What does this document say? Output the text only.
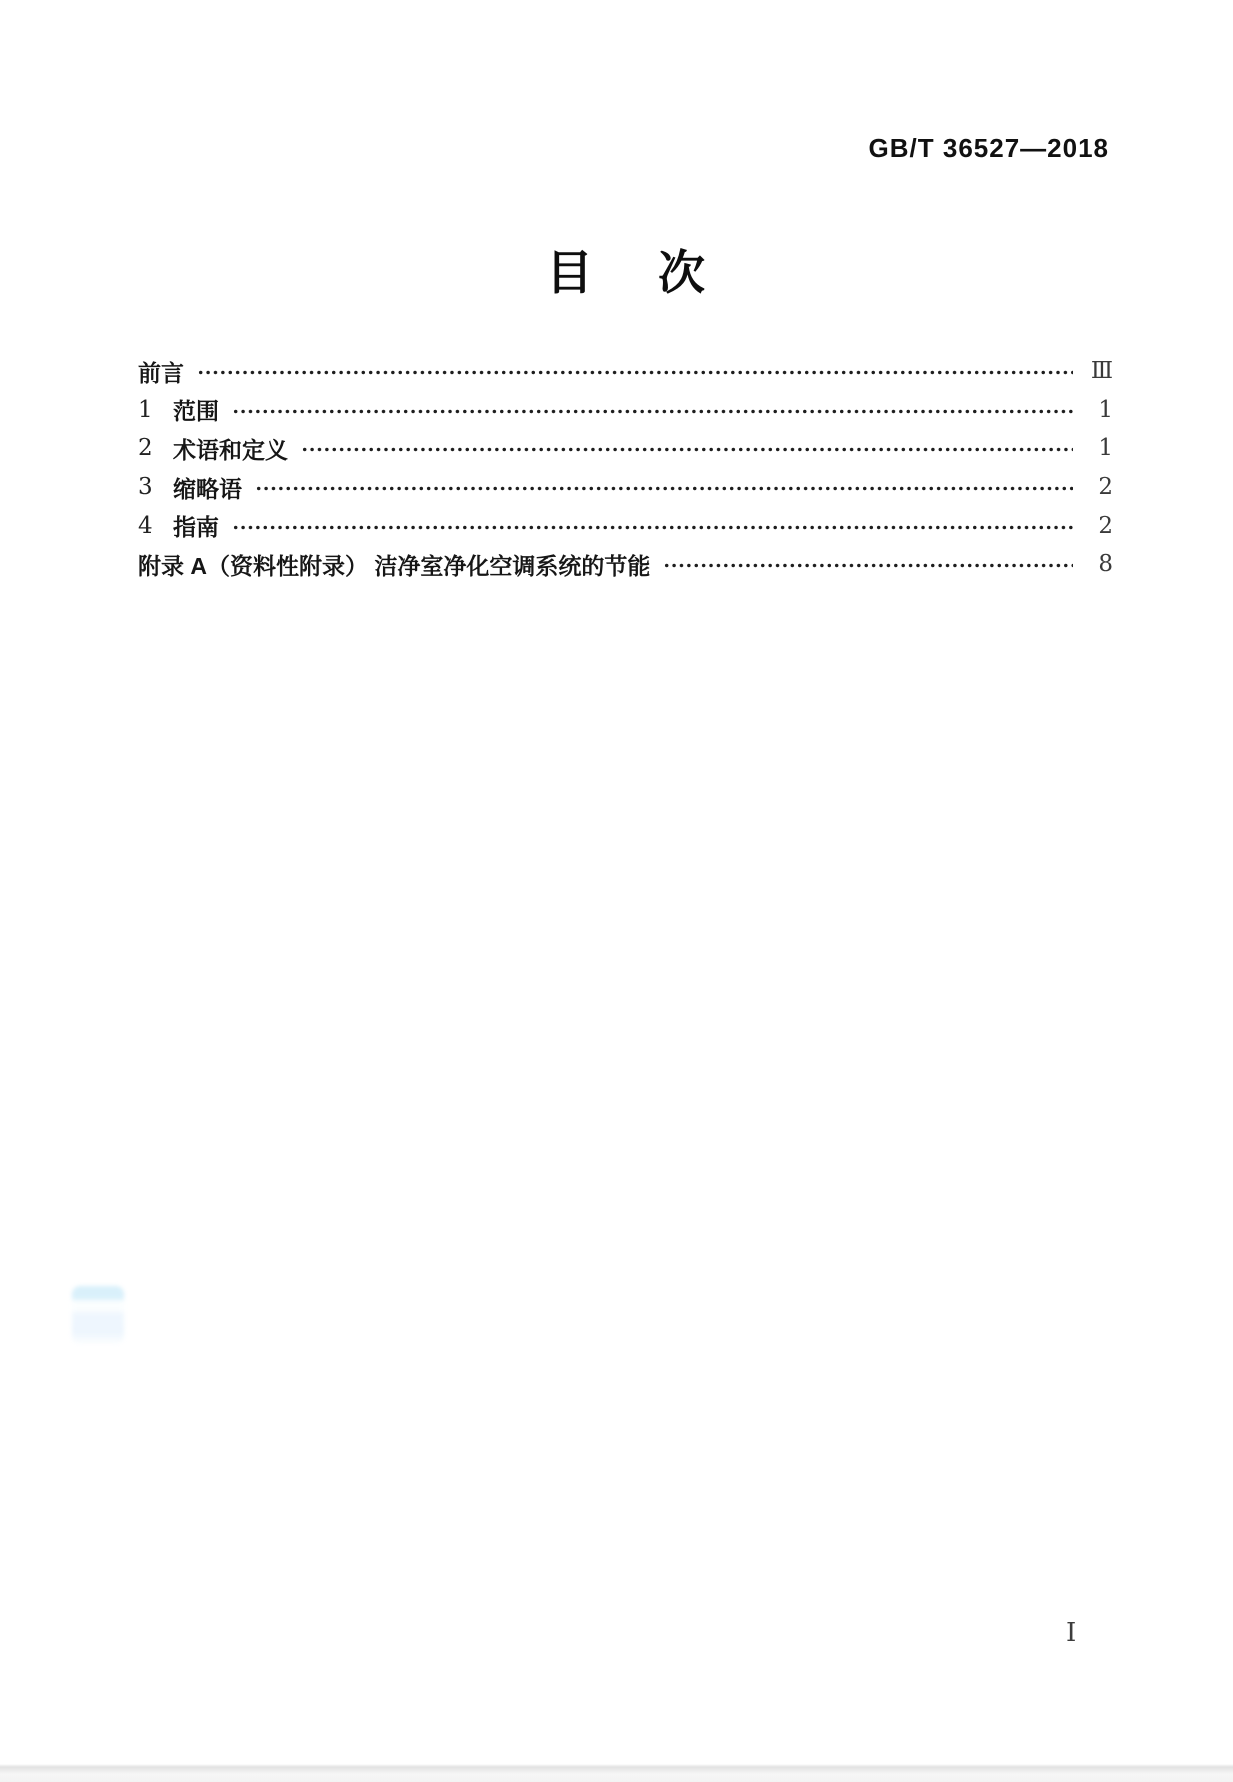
GB/T 36527—2018
目 次
前言	Ⅲ
1 范围	1
2 术语和定义	1
3 缩略语	2
4 指南	2
附录 A（资料性附录） 洁净室净化空调系统的节能	8
I
